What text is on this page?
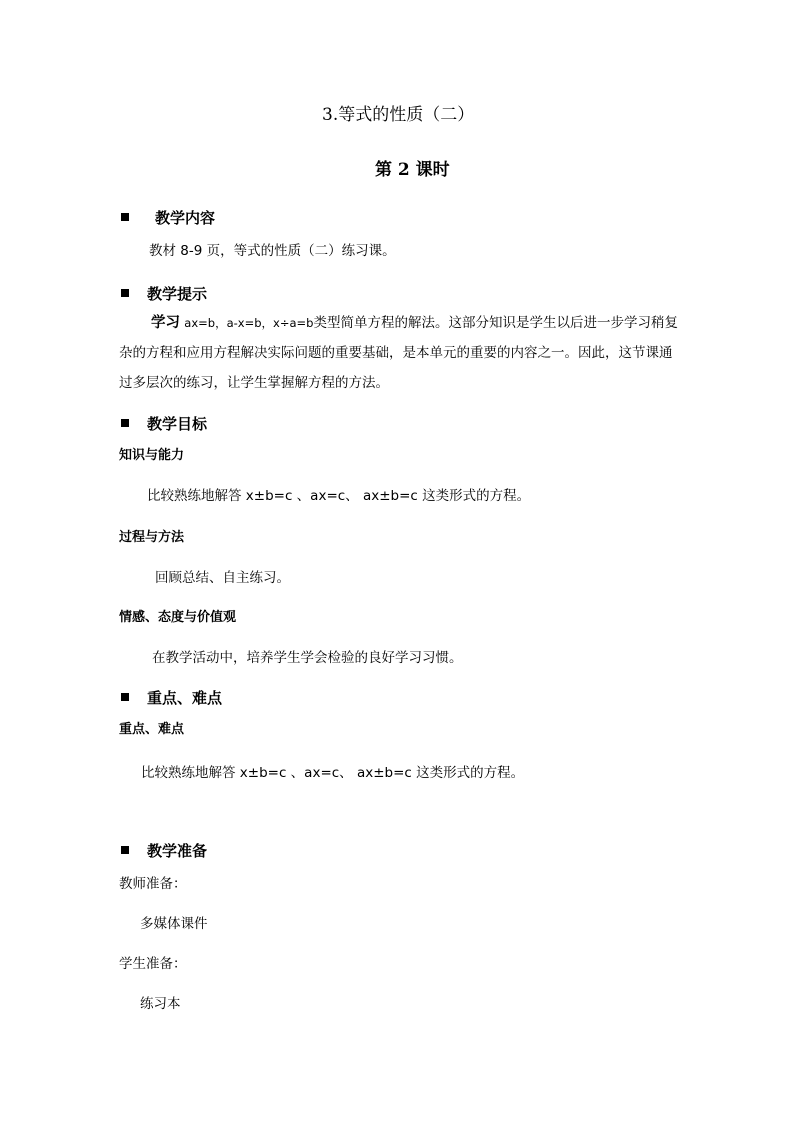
3.等式的性质（二）
第 2 课时
教学内容
教材 8-9 页，等式的性质（二）练习课。
教学提示
学习 ax=b，a-x=b，x÷a=b类型简单方程的解法。这部分知识是学生以后进一步学习稍复杂的方程和应用方程解决实际问题的重要基础，是本单元的重要的内容之一。因此，这节课通过多层次的练习，让学生掌握解方程的方法。
教学目标
知识与能力
比较熟练地解答 x±b=c 、ax=c、 ax±b=c 这类形式的方程。
过程与方法
回顾总结、自主练习。
情感、态度与价值观
在教学活动中，培养学生学会检验的良好学习习惯。
重点、难点
重点、难点
比较熟练地解答 x±b=c 、ax=c、 ax±b=c 这类形式的方程。
教学准备
教师准备：
多媒体课件
学生准备：
练习本
